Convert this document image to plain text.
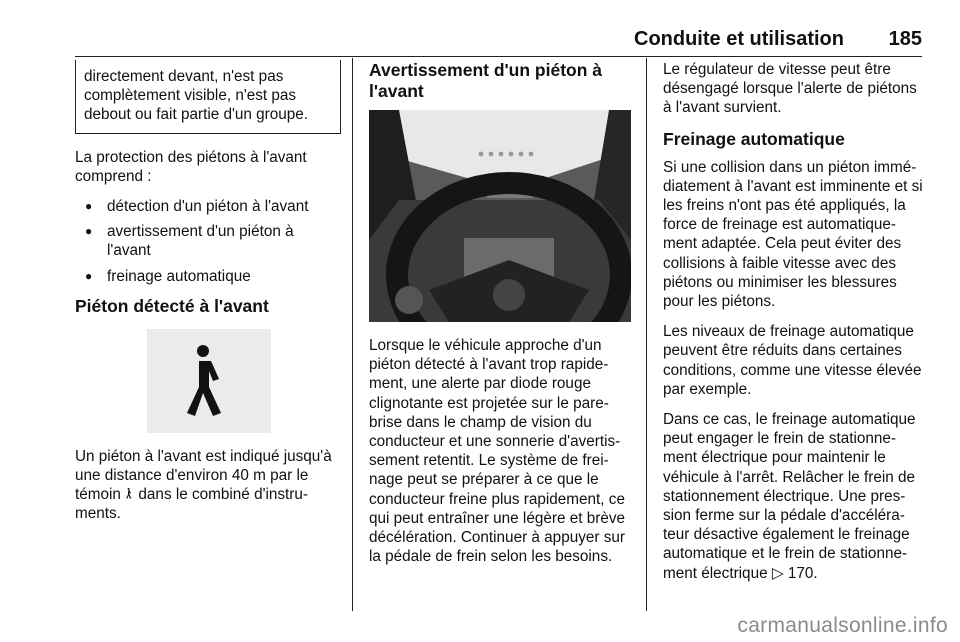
Conduite et utilisation 185
directement devant, n'est pas complètement visible, n'est pas debout ou fait partie d'un groupe.

La protection des piétons à l'avant comprend :

● détection d'un piéton à l'avant
● avertissement d'un piéton à l'avant
● freinage automatique
Piéton détecté à l'avant

Un piéton à l'avant est indiqué jusqu'à une distance d'environ 40 m par le témoin dans le combiné d'instru-ments.

Avertissement d'un piéton à l'avant

Lorsque le véhicule approche d'un piéton détecté à l'avant trop rapide-ment, une alerte par diode rouge clignotante est projetée sur le pare-brise dans le champ de vision du conducteur et une sonnerie d'avertis-sement retentit. Le système de frei-nage peut se préparer à ce que le conducteur freine plus rapidement, ce qui peut entraîner une légère et brève décélération. Continuer à appuyer sur la pédale de frein selon les besoins.

Le régulateur de vitesse peut être désengagé lorsque l'alerte de piétons à l'avant survient.

Freinage automatique

Si une collision dans un piéton immé-diatement à l'avant est imminente et si les freins n'ont pas été appliqués, la force de freinage est automatique-ment adaptée. Cela peut éviter des collisions à faible vitesse avec des piétons ou minimiser les blessures pour les piétons.

Les niveaux de freinage automatique peuvent être réduits dans certaines conditions, comme une vitesse élevée par exemple.

Dans ce cas, le freinage automatique peut engager le frein de stationne-ment électrique pour maintenir le véhicule à l'arrêt. Relâcher le frein de stationnement électrique. Une pres-sion ferme sur la pédale d'accéléra-teur désactive également le freinage automatique et le frein de stationne-ment électrique ▷ 170.

carmanualsonline.info
